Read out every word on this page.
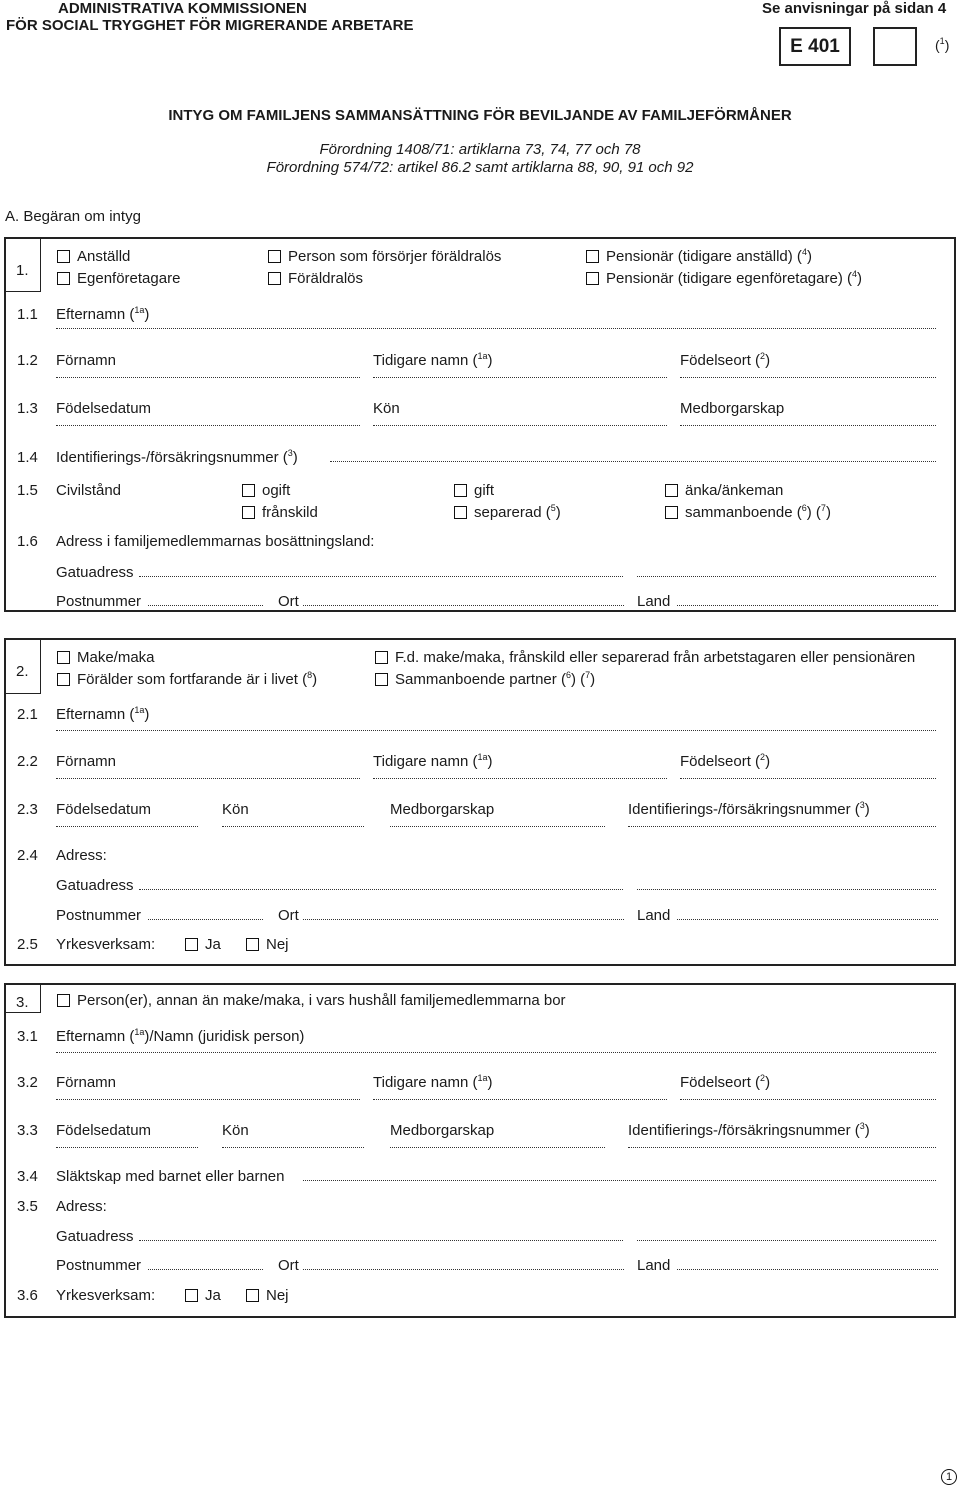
ADMINISTRATIVA KOMMISSIONEN
FÖR SOCIAL TRYGGHET FÖR MIGRERANDE ARBETARE
Se anvisningar på sidan 4
E 401	($^1$)
INTYG OM FAMILJENS SAMMANSÄTTNING FÖR BEVILJANDE AV FAMILJEFÖRMÅNER
Förordning 1408/71: artiklarna 73, 74, 77 och 78
Förordning 574/72: artikel 86.2 samt artiklarna 88, 90, 91 och 92
A. Begäran om intyg
1.
Anställd
Egenföretagare
Person som försörjer föräldralös
Föräldralös
Pensionär (tidigare anställd) ($^4$)
Pensionär (tidigare egenföretagare) ($^4$)
1.1 Efternamn ($^{1a}$)
1.2 Förnamn	Tidigare namn ($^{1a}$)	Födelseort ($^2$)
1.3 Födelsedatum	Kön	Medborgarskap
1.4 Identifierings-/försäkringsnummer ($^3$)
1.5 Civilstånd	ogift	gift	änka/änkeman
frånskild	separerad ($^5$)	sammanboende ($^6$) ($^7$)
1.6 Adress i familjemedlemmarnas bosättningsland:
Gatuadress
Postnummer	Ort	Land
2.
Make/maka
Förälder som fortfarande är i livet ($^8$)
F.d. make/maka, frånskild eller separerad från arbetstagaren eller pensionären
Sammanboende partner ($^6$) ($^7$)
2.1 Efternamn ($^{1a}$)
2.2 Förnamn	Tidigare namn ($^{1a}$)	Födelseort ($^2$)
2.3 Födelsedatum	Kön	Medborgarskap	Identifierings-/försäkringsnummer ($^3$)
2.4 Adress:
Gatuadress
Postnummer	Ort	Land
2.5 Yrkesverksam:	Ja	Nej
3.	Person(er), annan än make/maka, i vars hushåll familjemedlemmarna bor
3.1 Efternamn ($^{1a}$)/Namn (juridisk person)
3.2 Förnamn	Tidigare namn ($^{1a}$)	Födelseort ($^2$)
3.3 Födelsedatum	Kön	Medborgarskap	Identifierings-/försäkringsnummer ($^3$)
3.4 Släktskap med barnet eller barnen
3.5 Adress:
Gatuadress
Postnummer	Ort	Land
3.6 Yrkesverksam:	Ja	Nej
1
